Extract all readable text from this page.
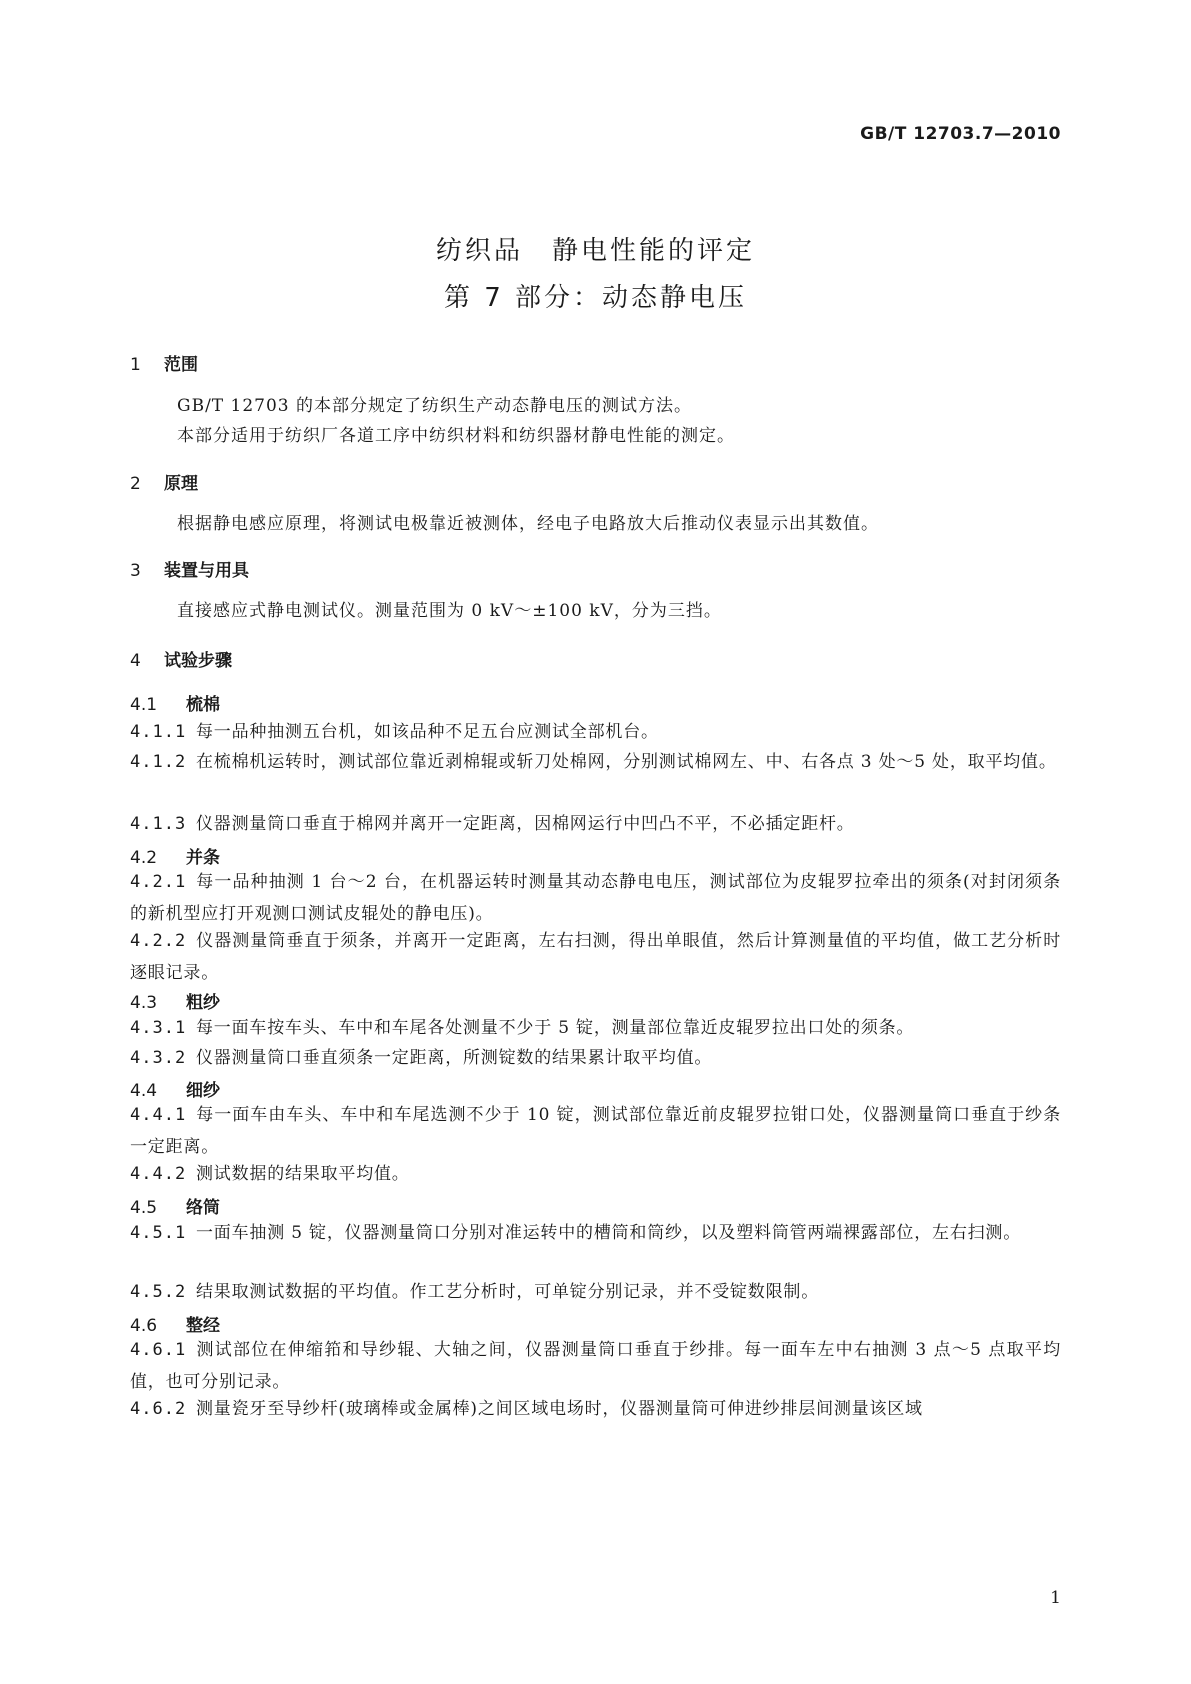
GB/T 12703.7—2010
纺织品　静电性能的评定
第 7 部分：动态静电压
1 范围
GB/T 12703 的本部分规定了纺织生产动态静电压的测试方法。
本部分适用于纺织厂各道工序中纺织材料和纺织器材静电性能的测定。
2 原理
根据静电感应原理，将测试电极靠近被测体，经电子电路放大后推动仪表显示出其数值。
3 装置与用具
直接感应式静电测试仪。测量范围为 0 kV～±100 kV，分为三挡。
4 试验步骤
4.1 梳棉
4.1.1 每一品种抽测五台机，如该品种不足五台应测试全部机台。
4.1.2 在梳棉机运转时，测试部位靠近剥棉辊或斩刀处棉网，分别测试棉网左、中、右各点 3 处～5 处，取平均值。
4.1.3 仪器测量筒口垂直于棉网并离开一定距离，因棉网运行中凹凸不平，不必插定距杆。
4.2 并条
4.2.1 每一品种抽测 1 台～2 台，在机器运转时测量其动态静电电压，测试部位为皮辊罗拉牵出的须条(对封闭须条的新机型应打开观测口测试皮辊处的静电压)。
4.2.2 仪器测量筒垂直于须条，并离开一定距离，左右扫测，得出单眼值，然后计算测量值的平均值，做工艺分析时逐眼记录。
4.3 粗纱
4.3.1 每一面车按车头、车中和车尾各处测量不少于 5 锭，测量部位靠近皮辊罗拉出口处的须条。
4.3.2 仪器测量筒口垂直须条一定距离，所测锭数的结果累计取平均值。
4.4 细纱
4.4.1 每一面车由车头、车中和车尾选测不少于 10 锭，测试部位靠近前皮辊罗拉钳口处，仪器测量筒口垂直于纱条一定距离。
4.4.2 测试数据的结果取平均值。
4.5 络筒
4.5.1 一面车抽测 5 锭，仪器测量筒口分别对准运转中的槽筒和筒纱，以及塑料筒管两端裸露部位，左右扫测。
4.5.2 结果取测试数据的平均值。作工艺分析时，可单锭分别记录，并不受锭数限制。
4.6 整经
4.6.1 测试部位在伸缩筘和导纱辊、大轴之间，仪器测量筒口垂直于纱排。每一面车左中右抽测 3 点～5 点取平均值，也可分别记录。
4.6.2 测量瓷牙至导纱杆(玻璃棒或金属棒)之间区域电场时，仪器测量筒可伸进纱排层间测量该区域
1
